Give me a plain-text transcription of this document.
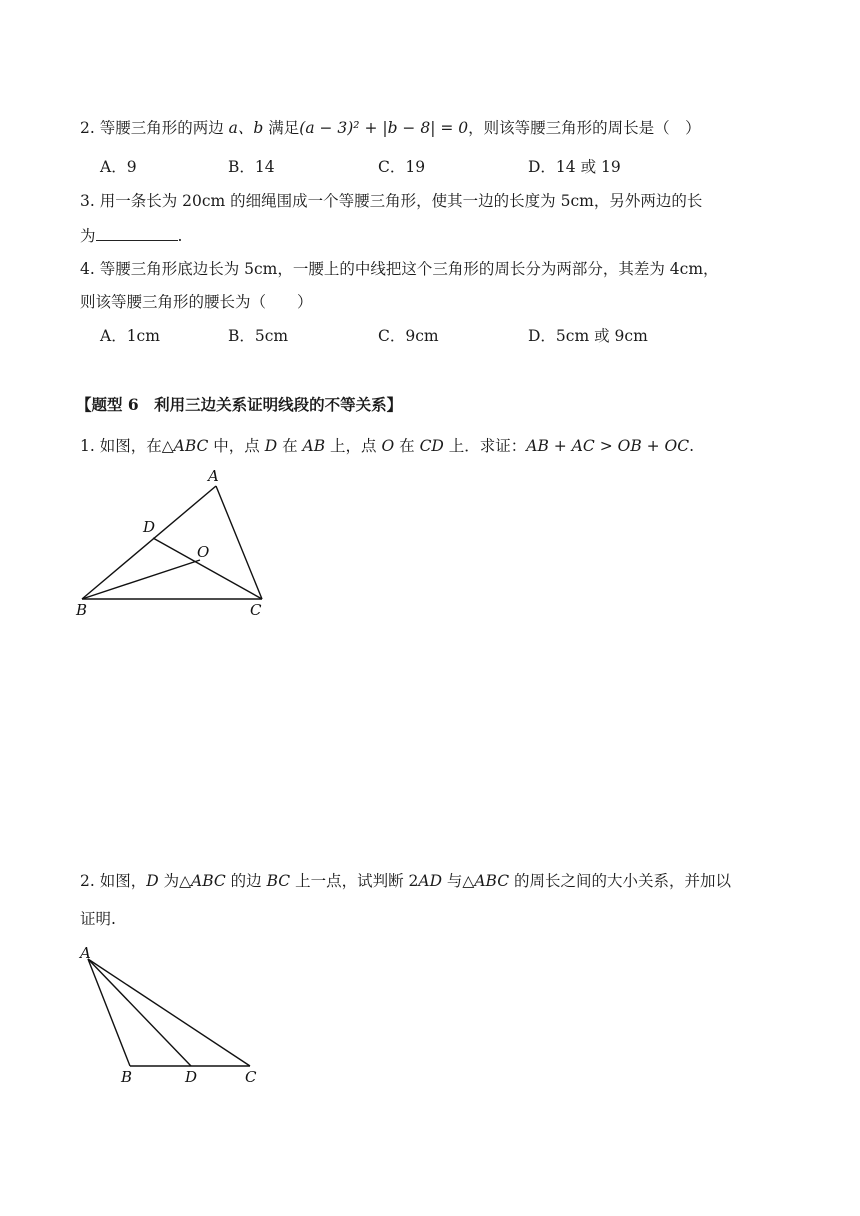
2. 等腰三角形的两边 a、b 满足(a − 3)² + |b − 8| = 0，则该等腰三角形的周长是（　）
A．9	B．14	C．19	D．14 或 19
3. 用一条长为 20cm 的细绳围成一个等腰三角形，使其一边的长度为 5cm，另外两边的长
为	.
4. 等腰三角形底边长为 5cm，一腰上的中线把这个三角形的周长分为两部分，其差为 4cm，
则该等腰三角形的腰长为（　　）
A．1cm	B．5cm	C．9cm	D．5cm 或 9cm
【题型 6　利用三边关系证明线段的不等关系】
1. 如图，在△ABC 中，点 D 在 AB 上，点 O 在 CD 上．求证：AB + AC > OB + OC.
A
B	C
D
O
2. 如图，D 为△ABC 的边 BC 上一点，试判断 2AD 与△ABC 的周长之间的大小关系，并加以
证明.
A
B	D	C
